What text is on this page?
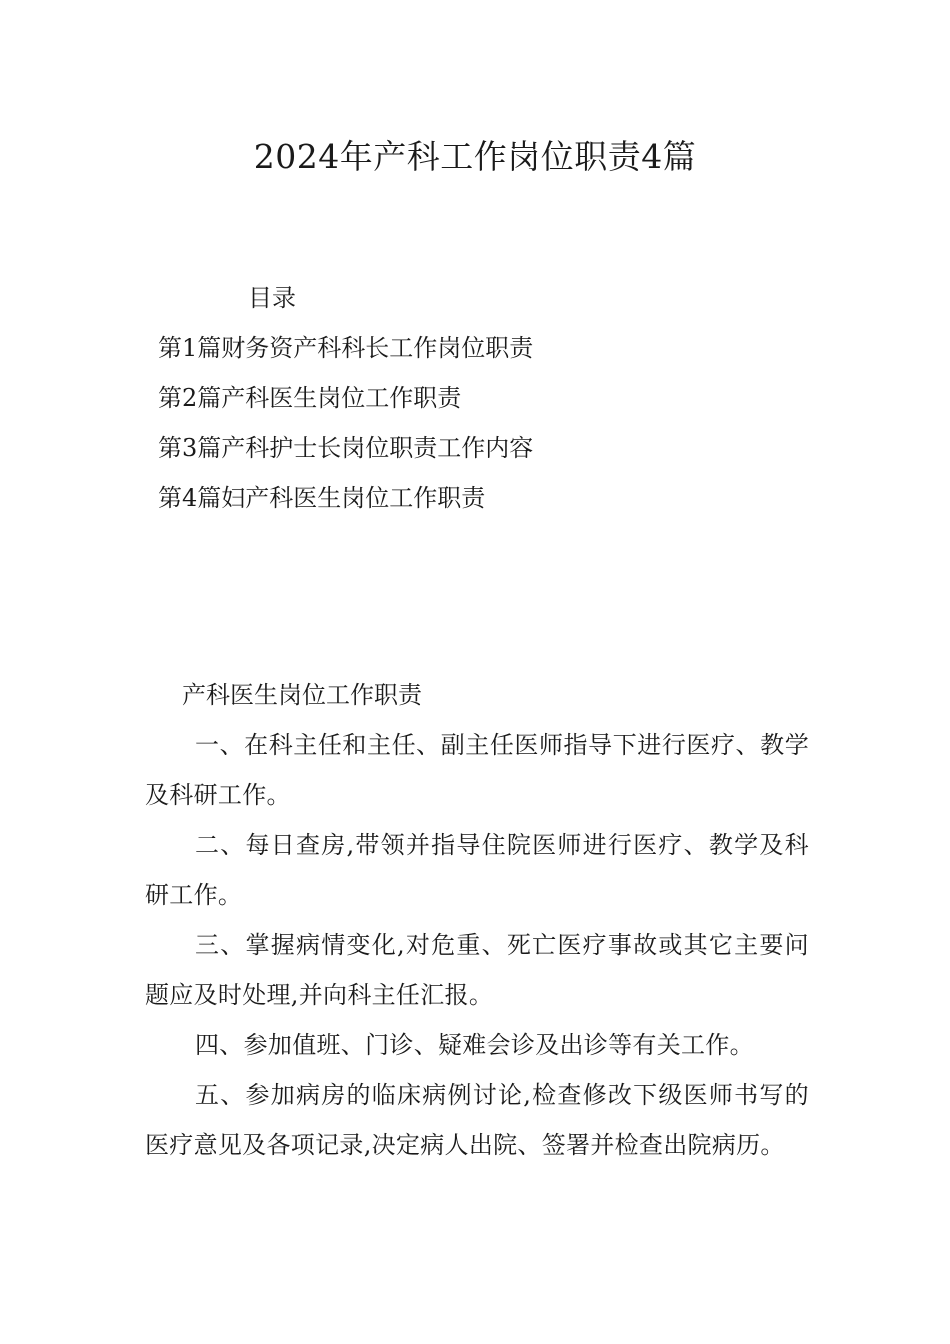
2024年产科工作岗位职责4篇
目录
第1篇财务资产科科长工作岗位职责
第2篇产科医生岗位工作职责
第3篇产科护士长岗位职责工作内容
第4篇妇产科医生岗位工作职责
产科医生岗位工作职责

一、在科主任和主任、副主任医师指导下进行医疗、教学及科研工作。

二、每日查房,带领并指导住院医师进行医疗、教学及科研工作。

三、掌握病情变化,对危重、死亡医疗事故或其它主要问题应及时处理,并向科主任汇报。

四、参加值班、门诊、疑难会诊及出诊等有关工作。

五、参加病房的临床病例讨论,检查修改下级医师书写的医疗意见及各项记录,决定病人出院、签署并检查出院病历。
